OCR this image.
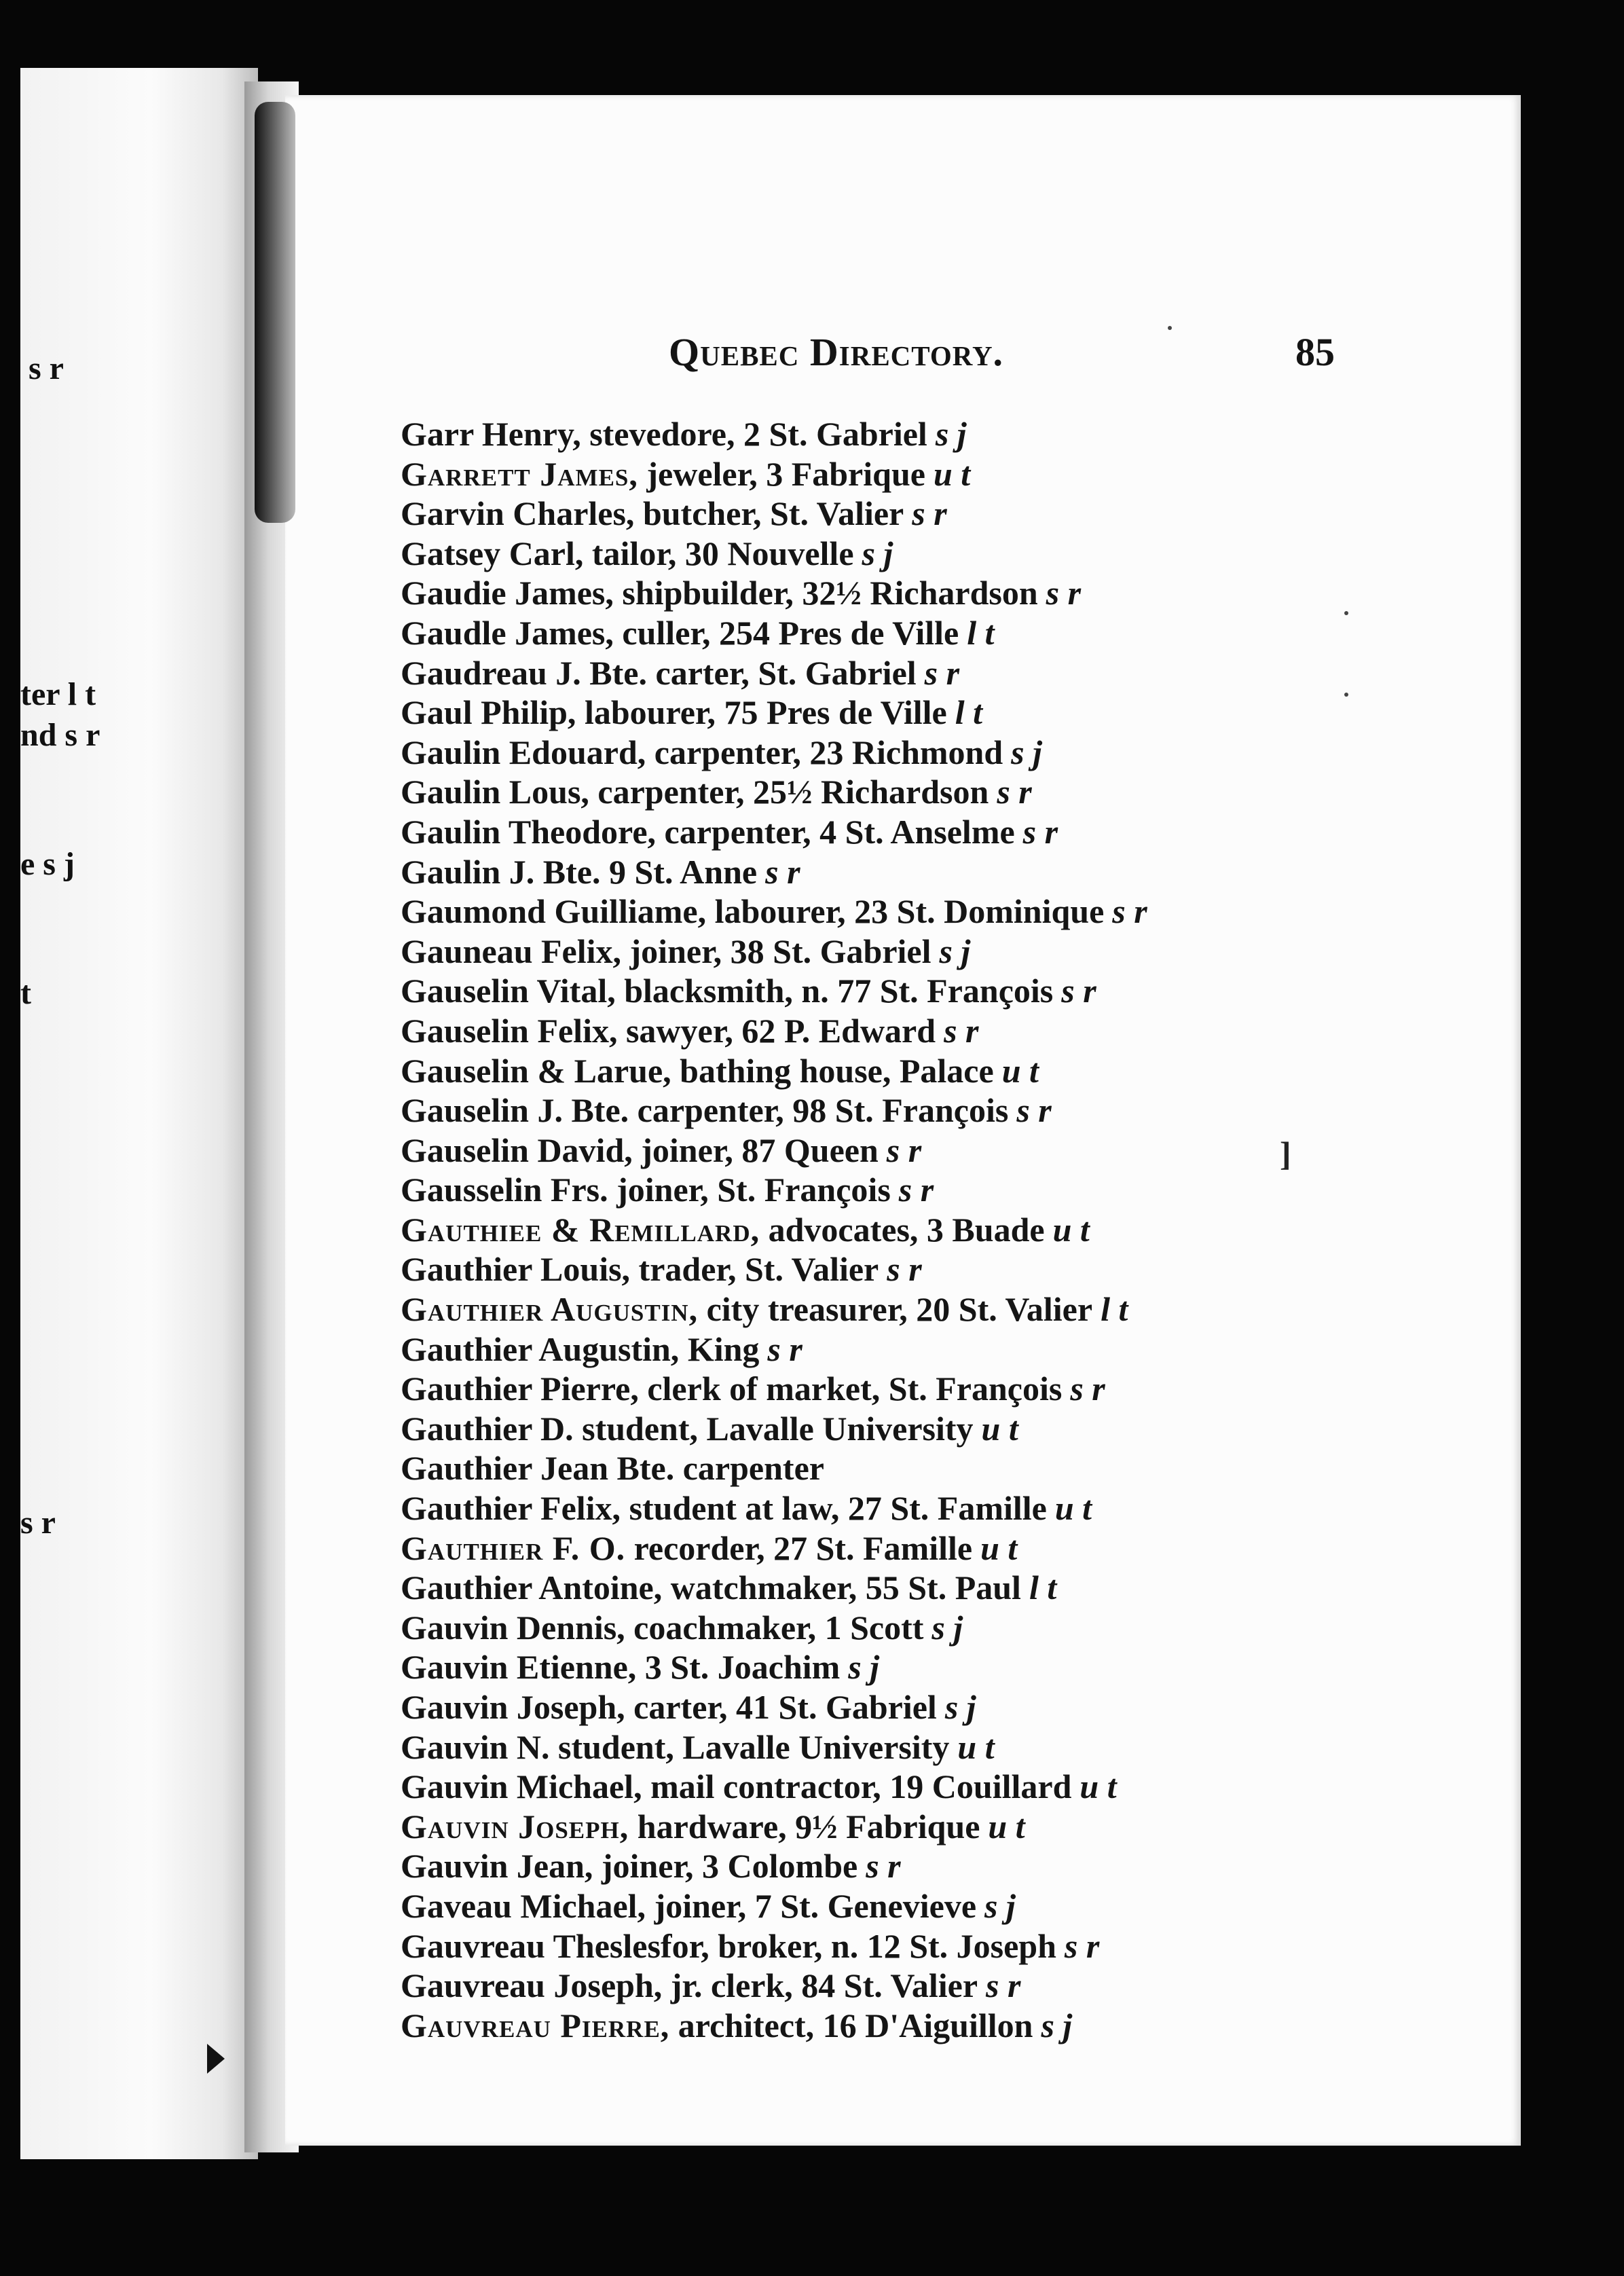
s r
ter l t
nd s r
e s j
t
s r
Quebec Directory.	85
Garr Henry, stevedore, 2 St. Gabriel s j
Garrett James, jeweler, 3 Fabrique u t
Garvin Charles, butcher, St. Valier s r
Gatsey Carl, tailor, 30 Nouvelle s j
Gaudie James, shipbuilder, 32½ Richardson s r
Gaudle James, culler, 254 Pres de Ville l t
Gaudreau J. Bte. carter, St. Gabriel s r
Gaul Philip, labourer, 75 Pres de Ville l t
Gaulin Edouard, carpenter, 23 Richmond s j
Gaulin Lous, carpenter, 25½ Richardson s r
Gaulin Theodore, carpenter, 4 St. Anselme s r
Gaulin J. Bte. 9 St. Anne s r
Gaumond Guilliame, labourer, 23 St. Dominique s r
Gauneau Felix, joiner, 38 St. Gabriel s j
Gauselin Vital, blacksmith, n. 77 St. François s r
Gauselin Felix, sawyer, 62 P. Edward s r
Gauselin & Larue, bathing house, Palace u t
Gauselin J. Bte. carpenter, 98 St. François s r
Gauselin David, joiner, 87 Queen s r
Gausselin Frs. joiner, St. François s r
Gauthiee & Remillard, advocates, 3 Buade u t
Gauthier Louis, trader, St. Valier s r
Gauthier Augustin, city treasurer, 20 St. Valier l t
Gauthier Augustin, King s r
Gauthier Pierre, clerk of market, St. François s r
Gauthier D. student, Lavalle University u t
Gauthier Jean Bte. carpenter
Gauthier Felix, student at law, 27 St. Famille u t
Gauthier F. O. recorder, 27 St. Famille u t
Gauthier Antoine, watchmaker, 55 St. Paul l t
Gauvin Dennis, coachmaker, 1 Scott s j
Gauvin Etienne, 3 St. Joachim s j
Gauvin Joseph, carter, 41 St. Gabriel s j
Gauvin N. student, Lavalle University u t
Gauvin Michael, mail contractor, 19 Couillard u t
Gauvin Joseph, hardware, 9½ Fabrique u t
Gauvin Jean, joiner, 3 Colombe s r
Gaveau Michael, joiner, 7 St. Genevieve s j
Gauvreau Theslesfor, broker, n. 12 St. Joseph s r
Gauvreau Joseph, jr. clerk, 84 St. Valier s r
Gauvreau Pierre, architect, 16 D'Aiguillon s j
]
